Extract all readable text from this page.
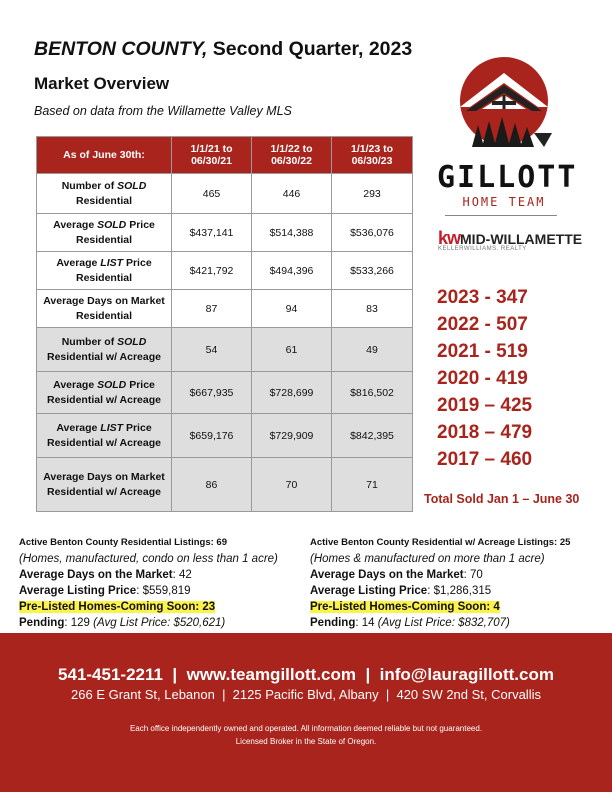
BENTON COUNTY, Second Quarter, 2023
Market Overview
Based on data from the Willamette Valley MLS
As of June 30th:	1/1/21 to 06/30/21	1/1/22 to 06/30/22	1/1/23 to 06/30/23
Number of SOLD
Residential	465	446	293
Average SOLD Price Residential	$437,141	$514,388	$536,076
Average LIST Price Residential	$421,792	$494,396	$533,266
Average Days on Market Residential	87	94	83
Number of SOLD
Residential w/ Acreage	54	61	49
Average SOLD Price Residential w/ Acreage	$667,935	$728,699	$816,502
Average LIST Price Residential w/ Acreage	$659,176	$729,909	$842,395
Average Days on Market Residential w/ Acreage	86	70	71
GILLOTT
HOME TEAM
kwMID-WILLAMETTE
KELLERWILLIAMS. REALTY
2023 - 347
2022 - 507
2021 - 519
2020 - 419
2019 – 425
2018 – 479
2017 – 460
Total Sold Jan 1 – June 30
Active Benton County Residential Listings: 69
(Homes, manufactured, condo on less than 1 acre)
Average Days on the Market: 42
Average Listing Price: $559,819
Pre-Listed Homes-Coming Soon: 23
Pending: 129 (Avg List Price: $520,621)
Active Benton County Residential w/ Acreage Listings: 25
(Homes & manufactured on more than 1 acre)
Average Days on the Market: 70
Average Listing Price: $1,286,315
Pre-Listed Homes-Coming Soon: 4
Pending: 14 (Avg List Price: $832,707)
541-451-2211  |  www.teamgillott.com  |  info@lauragillott.com
266 E Grant St, Lebanon  |  2125 Pacific Blvd, Albany  |  420 SW 2nd St, Corvallis
Each office independently owned and operated. All information deemed reliable but not guaranteed.
Licensed Broker in the State of Oregon.
